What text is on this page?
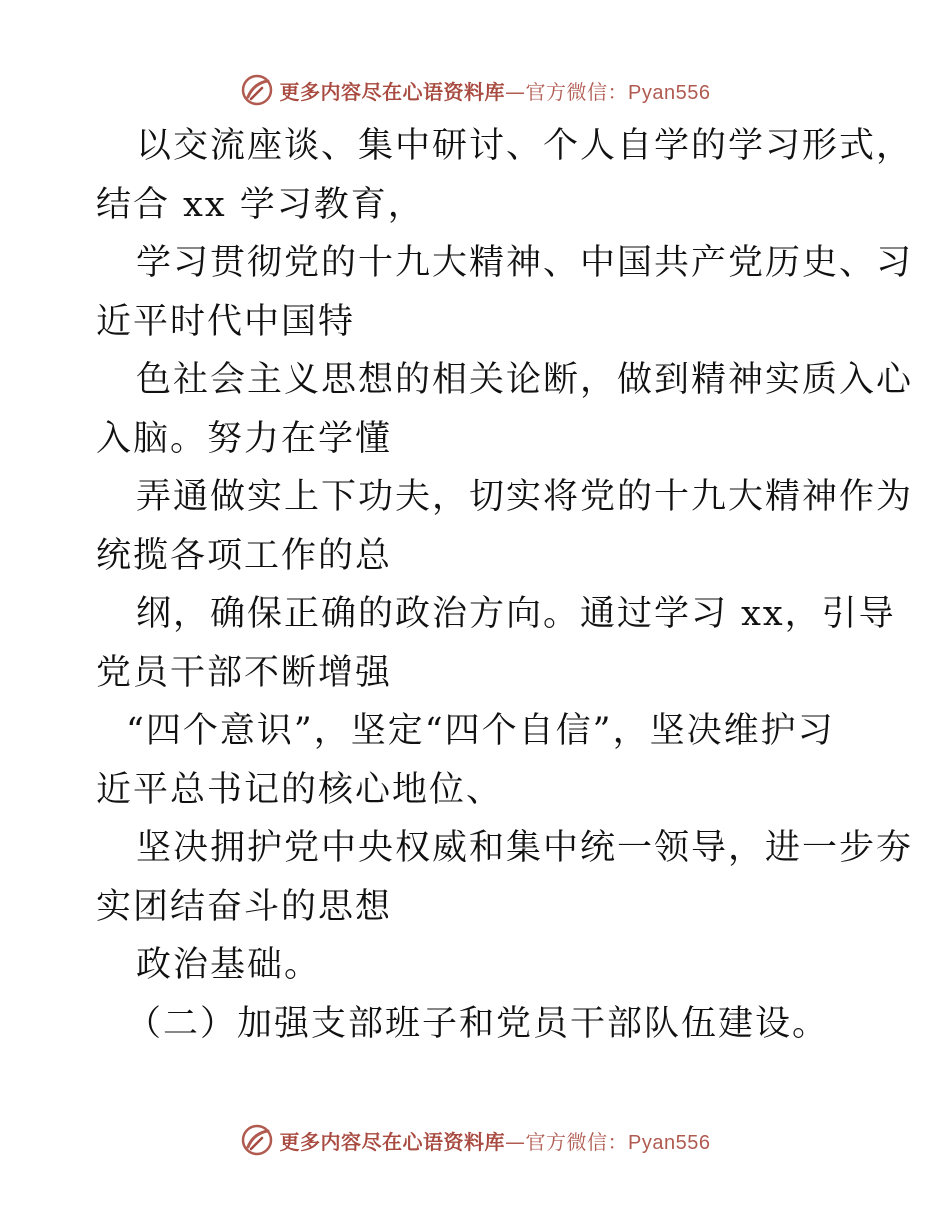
更多内容尽在心语资料库—官方微信：Pyan556
以交流座谈、集中研讨、个人自学的学习形式，
结合 xx 学习教育，
学习贯彻党的十九大精神、中国共产党历史、习
近平时代中国特
色社会主义思想的相关论断，做到精神实质入心
入脑。努力在学懂
弄通做实上下功夫，切实将党的十九大精神作为
统揽各项工作的总
纲，确保正确的政治方向。通过学习 xx，引导
党员干部不断增强
“四个意识”，坚定“四个自信”，坚决维护习
近平总书记的核心地位、
坚决拥护党中央权威和集中统一领导，进一步夯
实团结奋斗的思想
政治基础。
（二）加强支部班子和党员干部队伍建设。
更多内容尽在心语资料库—官方微信：Pyan556
